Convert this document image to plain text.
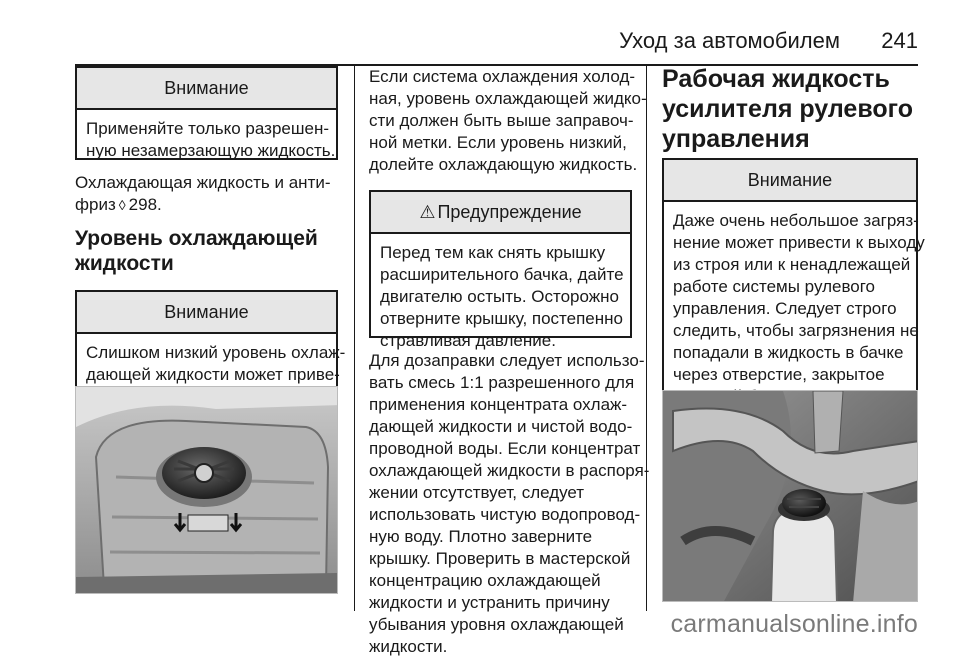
Уход за автомобилем 241
Внимание
Применяйте только разрешен-
ную незамерзающую жидкость.

Охлаждающая жидкость и анти-
фриз ◊ 298.

Уровень охлаждающей
жидкости
Внимание
Слишком низкий уровень охлаж-
дающей жидкости может приве-

Если система охлаждения холод-
ная, уровень охлаждающей жидко-
сти должен быть выше заправоч-
ной метки. Если уровень низкий,
долейте охлаждающую жидкость.

⚠ Предупреждение
Перед тем как снять крышку
расширительного бачка, дайте
двигателю остыть. Осторожно
отверните крышку, постепенно
стравливая давление.

Для дозаправки следует использо-
вать смесь 1:1 разрешенного для
применения концентрата охлаж-
дающей жидкости и чистой водо-
проводной воды. Если концентрат
охлаждающей жидкости в распоря-
жении отсутствует, следует
использовать чистую водопровод-
ную воду. Плотно заверните
крышку. Проверить в мастерской
концентрацию охлаждающей
жидкости и устранить причину
убывания уровня охлаждающей
жидкости.

Рабочая жидкость
усилителя рулевого
управления
Внимание
Даже очень небольшое загряз-
нение может привести к выходу
из строя или к ненадлежащей
работе системы рулевого
управления. Следует строго
следить, чтобы загрязнения не
попадали в жидкость в бачке
через отверстие, закрытое
carmanualsonline.info
